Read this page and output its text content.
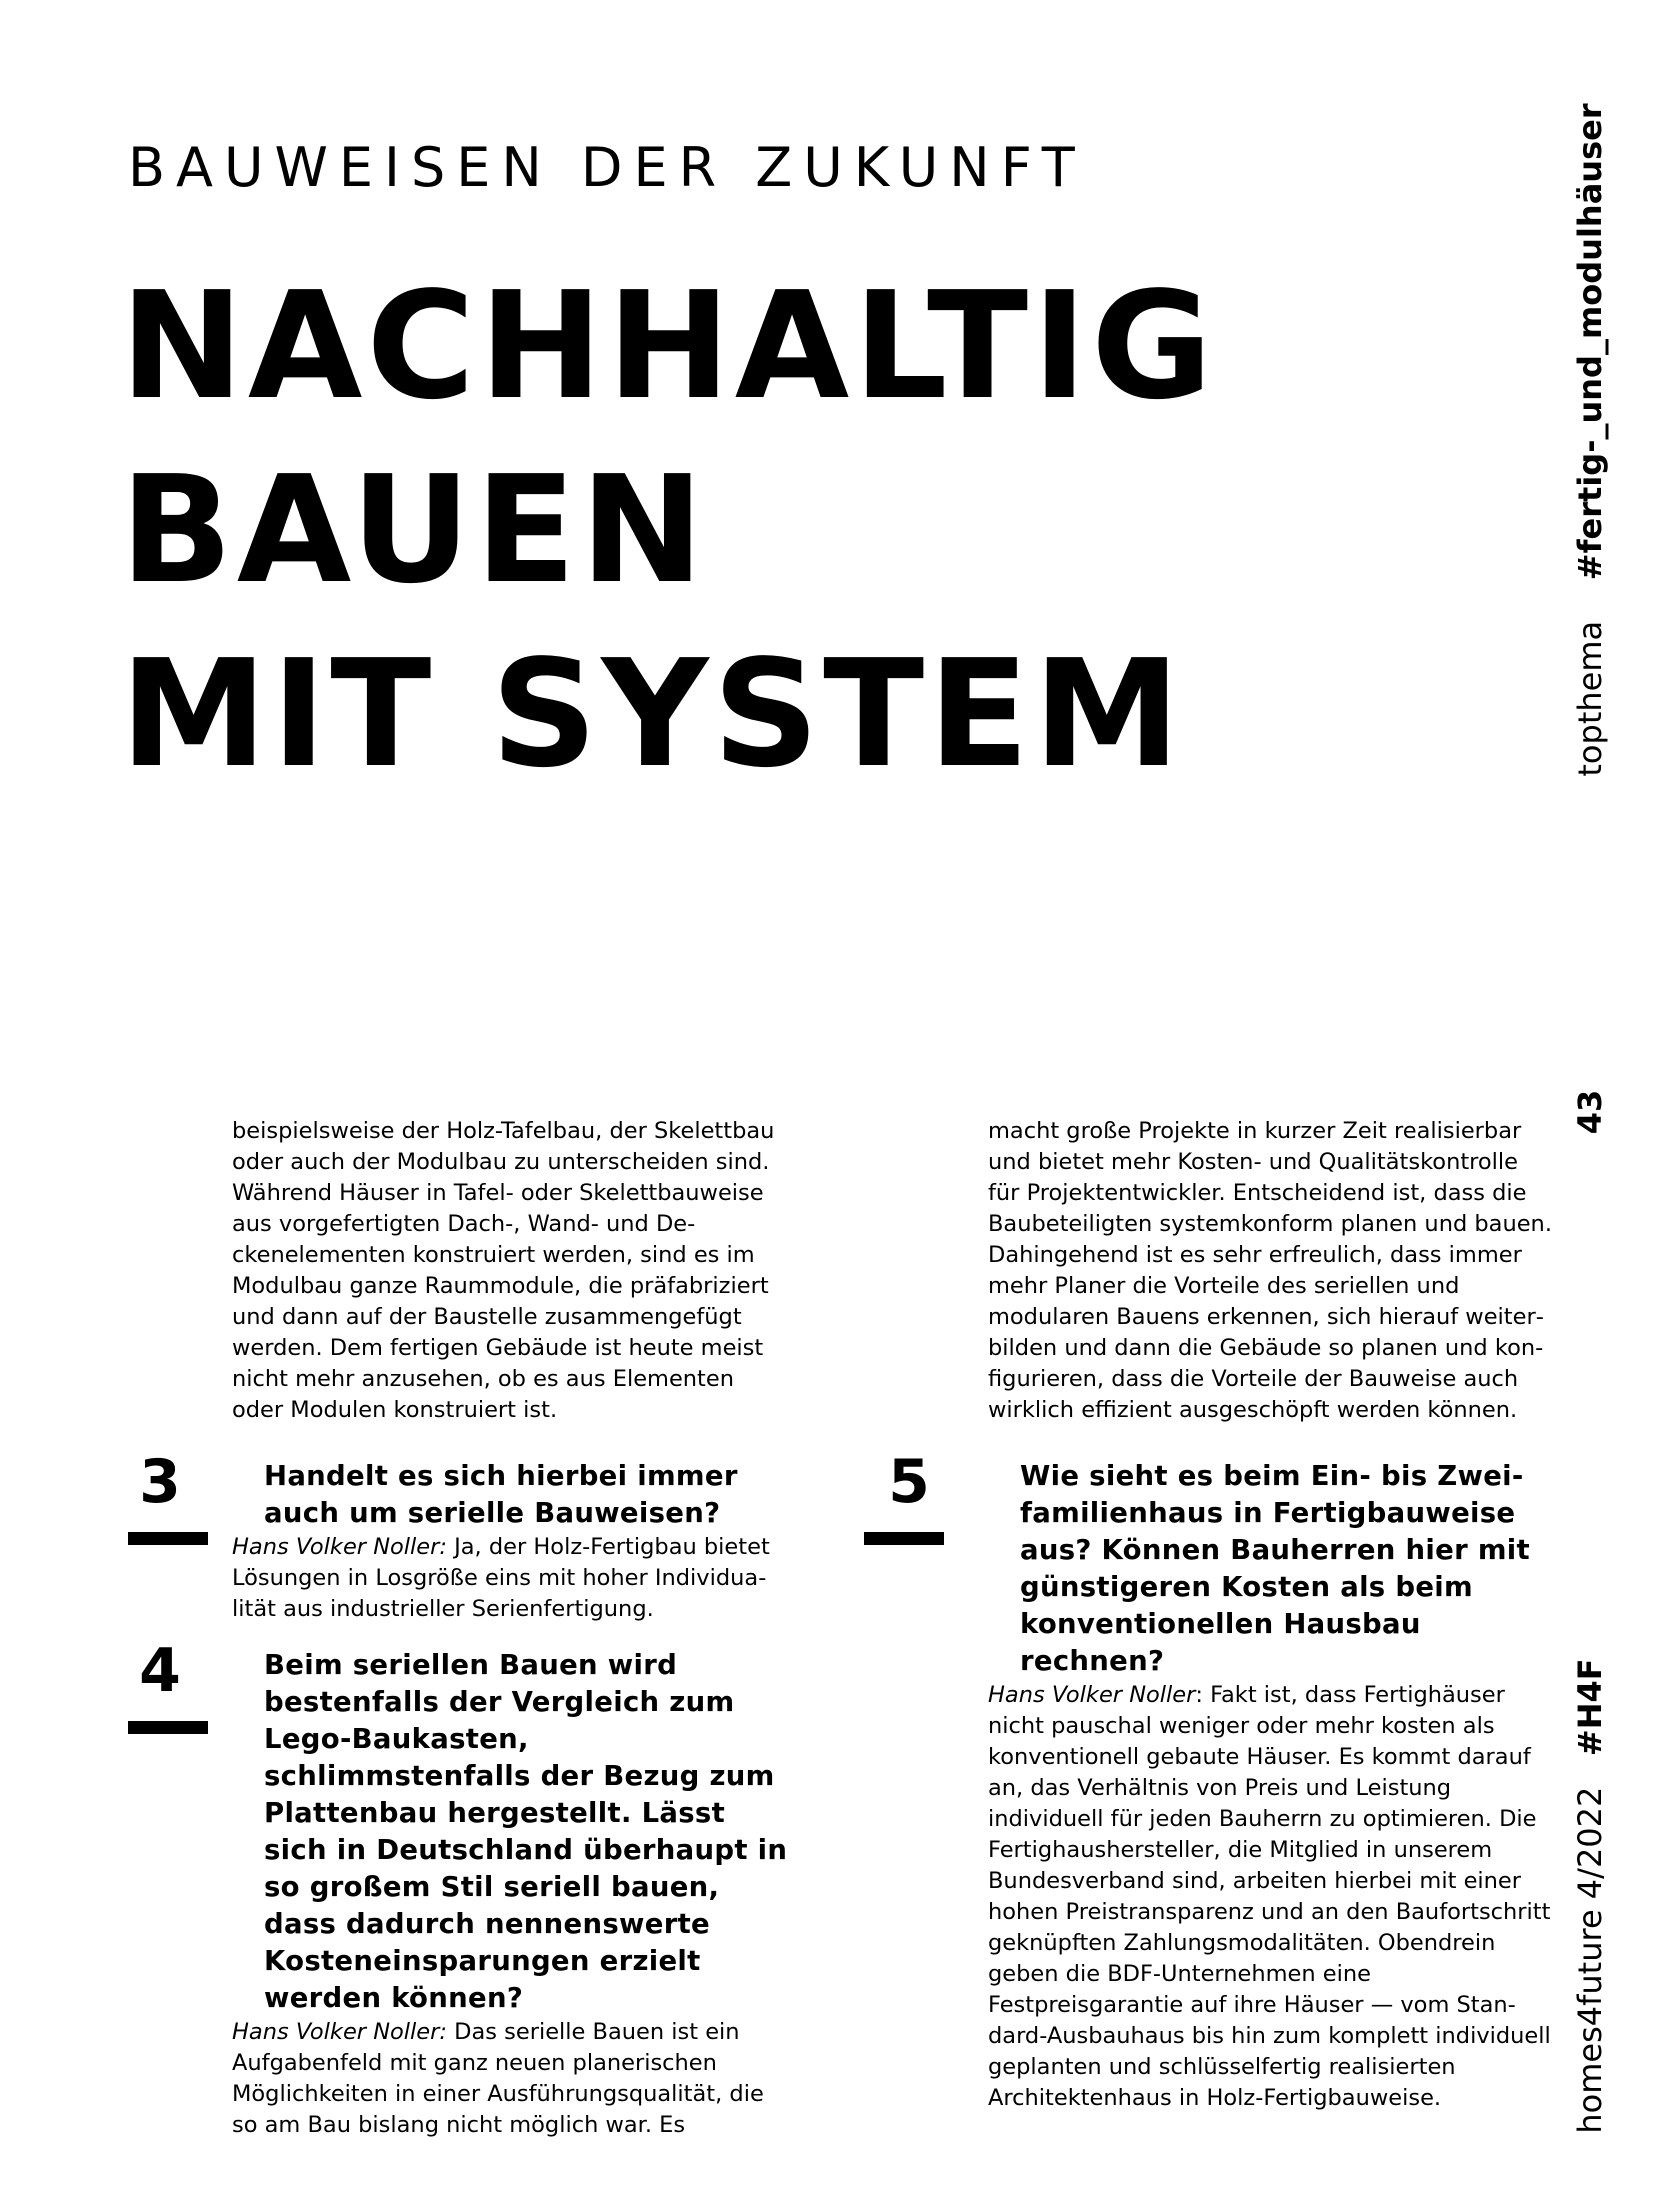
BAUWEISEN DER ZUKUNFT
NACHHALTIG
BAUEN
MIT SYSTEM	topthema    #fertig-_und_modulhäuser
43
homes4future 4/2022   #H4F

beispielsweise der Holz-Tafelbau, der Skelettbau oder auch der Modulbau zu unterscheiden sind. Während Häuser in Tafel- oder Skelettbauweise aus vorgefertigten Dach-, Wand- und Deckenelementen konstruiert werden, sind es im Modulbau ganze Raummodule, die präfabriziert und dann auf der Baustelle zusammengefügt werden. Dem fertigen Gebäude ist heute meist nicht mehr anzusehen, ob es aus Elementen oder Modulen konstruiert ist.

3	Handelt es sich hierbei immer auch um serielle Bauweisen?

Hans Volker Noller: Ja, der Holz-Fertigbau bietet Lösungen in Losgröße eins mit hoher Individualität aus industrieller Serienfertigung.

4	Beim seriellen Bauen wird bestenfalls der Vergleich zum Lego-Baukasten, schlimmstenfalls der Bezug zum Plattenbau hergestellt. Lässt sich in Deutschland überhaupt in so großem Stil seriell bauen, dass dadurch nennenswerte Kosteneinsparungen erzielt werden können?

Hans Volker Noller: Das serielle Bauen ist ein Aufgabenfeld mit ganz neuen planerischen Möglichkeiten in einer Ausführungsqualität, die so am Bau bislang nicht möglich war. Es

macht große Projekte in kurzer Zeit realisierbar und bietet mehr Kosten- und Qualitätskontrolle für Projektentwickler. Entscheidend ist, dass die Baubeteiligten systemkonform planen und bauen. Dahingehend ist es sehr erfreulich, dass immer mehr Planer die Vorteile des seriellen und modularen Bauens erkennen, sich hierauf weiterbilden und dann die Gebäude so planen und konfigurieren, dass die Vorteile der Bauweise auch wirklich effizient ausgeschöpft werden können.

5	Wie sieht es beim Ein- bis Zweifamilienhaus in Fertigbauweise aus? Können Bauherren hier mit günstigeren Kosten als beim konventionellen Hausbau rechnen?

Hans Volker Noller: Fakt ist, dass Fertighäuser nicht pauschal weniger oder mehr kosten als konventionell gebaute Häuser. Es kommt darauf an, das Verhältnis von Preis und Leistung individuell für jeden Bauherrn zu optimieren. Die Fertighaushersteller, die Mitglied in unserem Bundesverband sind, arbeiten hierbei mit einer hohen Preistransparenz und an den Baufortschritt geknüpften Zahlungsmodalitäten. Obendrein geben die BDF-Unternehmen eine Festpreisgarantie auf ihre Häuser — vom Standard-Ausbauhaus bis hin zum komplett individuell geplanten und schlüsselfertig realisierten Architektenhaus in Holz-Fertigbauweise.
